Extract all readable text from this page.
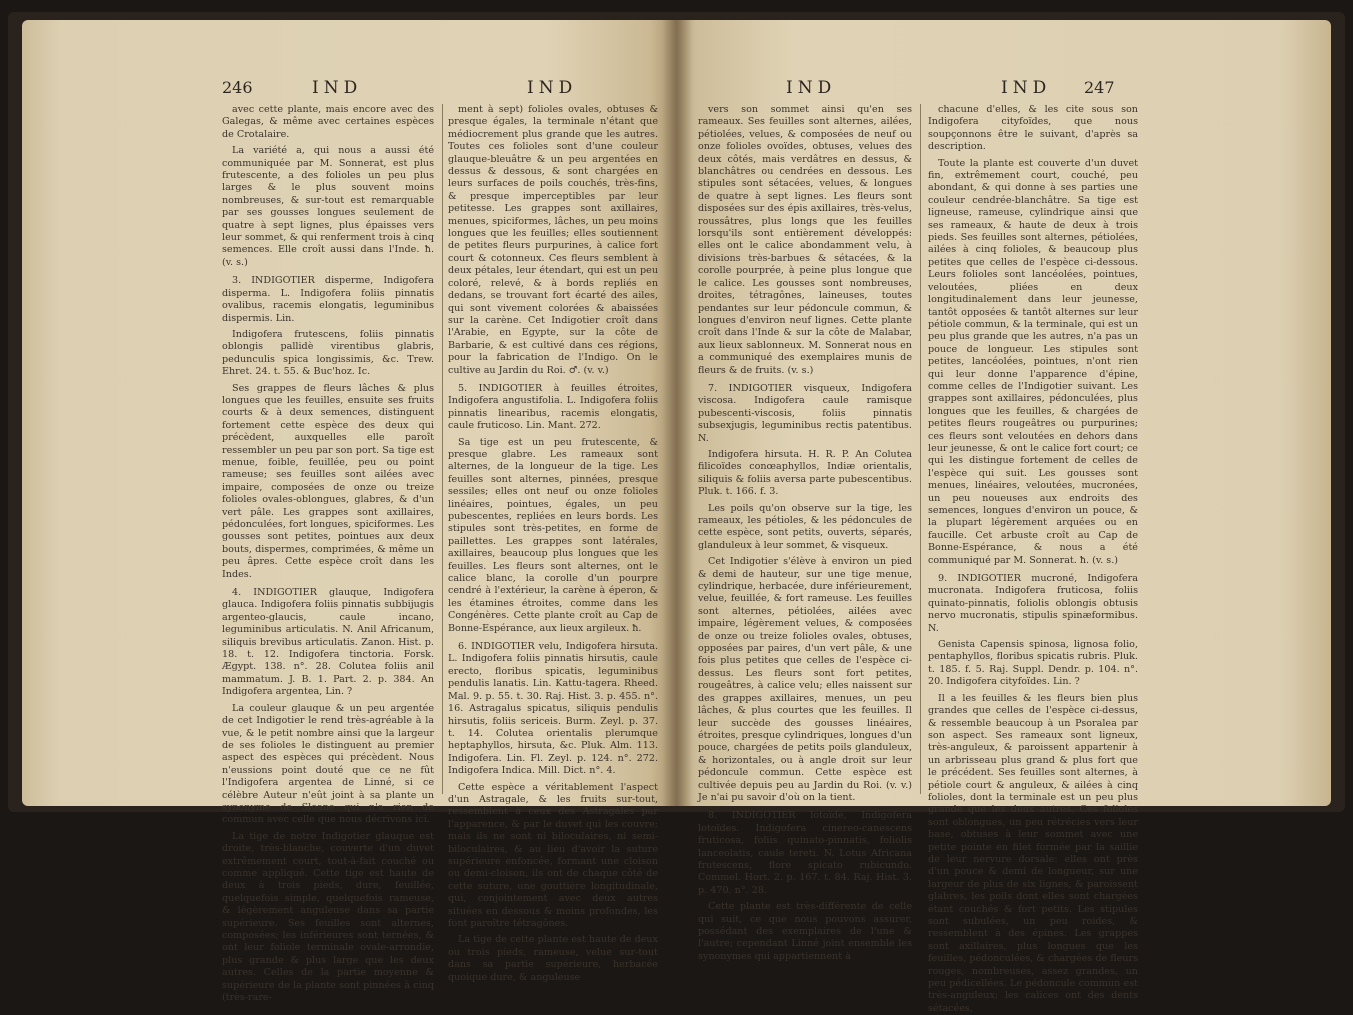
246	IND	IND

avec cette plante, mais encore avec des Galegas, & même avec certaines espèces de Crotalaire.

La variété a, qui nous a aussi été communiquée par M. Sonnerat, est plus frutescente, a des folioles un peu plus larges & le plus souvent moins nombreuses, & sur-tout est remarquable par ses gousses longues seulement de quatre à sept lignes, plus épaisses vers leur sommet, & qui renferment trois à cinq semences. Elle croît aussi dans l'Inde. ħ. (v. s.)

3. INDIGOTIER disperme, Indigofera disperma. L. Indigofera foliis pinnatis ovalibus, racemis elongatis, leguminibus dispermis. Lin.

Indigofera frutescens, foliis pinnatis oblongis pallidè virentibus glabris, pedunculis spica longissimis, &c. Trew. Ehret. 24. t. 55. & Buc'hoz. Ic.

Ses grappes de fleurs lâches & plus longues que les feuilles, ensuite ses fruits courts & à deux semences, distinguent fortement cette espèce des deux qui précèdent, auxquelles elle paroît ressembler un peu par son port. Sa tige est menue, foible, feuillée, peu ou point rameuse; ses feuilles sont ailées avec impaire, composées de onze ou treize folioles ovales-oblongues, glabres, & d'un vert pâle. Les grappes sont axillaires, pédonculées, fort longues, spiciformes. Les gousses sont petites, pointues aux deux bouts, dispermes, comprimées, & même un peu âpres. Cette espèce croît dans les Indes.

4. INDIGOTIER glauque, Indigofera glauca. Indigofera foliis pinnatis subbijugis argenteo-glaucis, caule incano, leguminibus articulatis. N. Anil Africanum, siliquis brevibus articulatis. Zanon. Hist. p. 18. t. 12. Indigofera tinctoria. Forsk. Ægypt. 138. n°. 28. Colutea foliis anil mammatum. J. B. 1. Part. 2. p. 384. An Indigofera argentea, Lin. ?

La couleur glauque & un peu argentée de cet Indigotier le rend très-agréable à la vue, & le petit nombre ainsi que la largeur de ses folioles le distinguent au premier aspect des espèces qui précèdent. Nous n'eussions point douté que ce ne fût l'Indigofera argentea de Linné, si ce célèbre Auteur n'eût joint à sa plante un synonyme de Sloane qui n'a rien de commun avec celle que nous décrivons ici.

La tige de notre Indigotier glauque est droite, très-blanche, couverte d'un duvet extrêmement court, tout-à-fait couché ou comme appliqué. Cette tige est haute de deux à trois pieds, dure, feuillée, quelquefois simple, quelquefois rameuse, & légèrement anguleuse dans sa partie supérieure. Ses feuilles sont alternes, composées; les inférieures sont ternées, & ont leur foliole terminale ovale-arrondie, plus grande & plus large que les deux autres. Celles de la partie moyenne & supérieure de la plante sont pinnées à cinq (très-rare-

ment à sept) folioles ovales, obtuses & presque égales, la terminale n'étant que médiocrement plus grande que les autres. Toutes ces folioles sont d'une couleur glauque-bleuâtre & un peu argentées en dessus & dessous, & sont chargées en leurs surfaces de poils couchés, très-fins, & presque imperceptibles par leur petitesse. Les grappes sont axillaires, menues, spiciformes, lâches, un peu moins longues que les feuilles; elles soutiennent de petites fleurs purpurines, à calice fort court & cotonneux. Ces fleurs semblent à deux pétales, leur étendart, qui est un peu coloré, relevé, & à bords repliés en dedans, se trouvant fort écarté des ailes, qui sont vivement colorées & abaissées sur la carène. Cet Indigotier croît dans l'Arabie, en Egypte, sur la côte de Barbarie, & est cultivé dans ces régions, pour la fabrication de l'Indigo. On le cultive au Jardin du Roi. ♂. (v. v.)

5. INDIGOTIER à feuilles étroites, Indigofera angustifolia. L. Indigofera foliis pinnatis linearibus, racemis elongatis, caule fruticoso. Lin. Mant. 272.

Sa tige est un peu frutescente, & presque glabre. Les rameaux sont alternes, de la longueur de la tige. Les feuilles sont alternes, pinnées, presque sessiles; elles ont neuf ou onze folioles linéaires, pointues, égales, un peu pubescentes, repliées en leurs bords. Les stipules sont très-petites, en forme de paillettes. Les grappes sont latérales, axillaires, beaucoup plus longues que les feuilles. Les fleurs sont alternes, ont le calice blanc, la corolle d'un pourpre cendré à l'extérieur, la carène à éperon, & les étamines étroites, comme dans les Congénères. Cette plante croît au Cap de Bonne-Espérance, aux lieux argileux. ħ.

6. INDIGOTIER velu, Indigofera hirsuta. L. Indigofera foliis pinnatis hirsutis, caule erecto, floribus spicatis, leguminibus pendulis lanatis. Lin. Kattu-tagera. Rheed. Mal. 9. p. 55. t. 30. Raj. Hist. 3. p. 455. n°. 16. Astragalus spicatus, siliquis pendulis hirsutis, foliis sericeis. Burm. Zeyl. p. 37. t. 14. Colutea orientalis plerumque heptaphyllos, hirsuta, &c. Pluk. Alm. 113. Indigofera. Lin. Fl. Zeyl. p. 124. n°. 272. Indigofera Indica. Mill. Dict. n°. 4.

Cette espèce a véritablement l'aspect d'un Astragale, & les fruits sur-tout, ressemblent à ceux des Astragales par l'apparence, & par le duvet qui les couvre; mais ils ne sont ni biloculaires, ni semi-biloculaires, & au lieu d'avoir la suture supérieure enfoncée, formant une cloison ou demi-cloison, ils ont de chaque côté de cette suture, une gouttière longitudinale, qui, conjointement avec deux autres situées en dessous & moins profondes, les font paroître tétragônes.

La tige de cette plante est haute de deux ou trois pieds, rameuse, velue sur-tout dans sa partie supérieure, herbacée quoique dure, & anguleuse

IND	IND 247

vers son sommet ainsi qu'en ses rameaux. Ses feuilles sont alternes, ailées, pétiolées, velues, & composées de neuf ou onze folioles ovoïdes, obtuses, velues des deux côtés, mais verdâtres en dessus, & blanchâtres ou cendrées en dessous. Les stipules sont sétacées, velues, & longues de quatre à sept lignes. Les fleurs sont disposées sur des épis axillaires, très-velus, roussâtres, plus longs que les feuilles lorsqu'ils sont entièrement développés: elles ont le calice abondamment velu, à divisions très-barbues & sétacées, & la corolle pourprée, à peine plus longue que le calice. Les gousses sont nombreuses, droites, tétragônes, laineuses, toutes pendantes sur leur pédoncule commun, & longues d'environ neuf lignes. Cette plante croît dans l'Inde & sur la côte de Malabar, aux lieux sablonneux. M. Sonnerat nous en a communiqué des exemplaires munis de fleurs & de fruits. (v. s.)

7. INDIGOTIER visqueux, Indigofera viscosa. Indigofera caule ramisque pubescenti-viscosis, foliis pinnatis subsexjugis, leguminibus rectis patentibus. N.

Indigofera hirsuta. H. R. P. An Colutea filicoïdes conœaphyllos, Indiæ orientalis, siliquis & foliis aversa parte pubescentibus. Pluk. t. 166. f. 3.

Les poils qu'on observe sur la tige, les rameaux, les pétioles, & les pédoncules de cette espèce, sont petits, ouverts, séparés, glanduleux à leur sommet, & visqueux.

Cet Indigotier s'élève à environ un pied & demi de hauteur, sur une tige menue, cylindrique, herbacée, dure inférieurement, velue, feuillée, & fort rameuse. Les feuilles sont alternes, pétiolées, ailées avec impaire, légèrement velues, & composées de onze ou treize folioles ovales, obtuses, opposées par paires, d'un vert pâle, & une fois plus petites que celles de l'espèce ci-dessus. Les fleurs sont fort petites, rougeâtres, à calice velu; elles naissent sur des grappes axillaires, menues, un peu lâches, & plus courtes que les feuilles. Il leur succède des gousses linéaires, étroites, presque cylindriques, longues d'un pouce, chargées de petits poils glanduleux, & horizontales, ou à angle droit sur leur pédoncule commun. Cette espèce est cultivée depuis peu au Jardin du Roi. (v. v.) Je n'ai pu savoir d'où on la tient.

8. INDIGOTIER lotoïde, Indigofera lotoïdes. Indigofera cinereo-canescens fruticosa, foliis quinato-pinnatis, foliolis lanceolatis, caule tereti. N. Lotus Africana frutescens, flore spicato rubicundo. Commel. Hort. 2. p. 167. t. 84. Raj. Hist. 3. p. 470. n°. 28.

Cette plante est très-différente de celle qui suit, ce que nous pouvons assurer, possédant des exemplaires de l'une & l'autre; cependant Linné joint ensemble les synonymes qui appartiennent à

chacune d'elles, & les cite sous son Indigofera cityfoïdes, que nous soupçonnons être le suivant, d'après sa description.

Toute la plante est couverte d'un duvet fin, extrêmement court, couché, peu abondant, & qui donne à ses parties une couleur cendrée-blanchâtre. Sa tige est ligneuse, rameuse, cylindrique ainsi que ses rameaux, & haute de deux à trois pieds. Ses feuilles sont alternes, pétiolées, ailées à cinq folioles, & beaucoup plus petites que celles de l'espèce ci-dessous. Leurs folioles sont lancéolées, pointues, veloutées, pliées en deux longitudinalement dans leur jeunesse, tantôt opposées & tantôt alternes sur leur pétiole commun, & la terminale, qui est un peu plus grande que les autres, n'a pas un pouce de longueur. Les stipules sont petites, lancéolées, pointues, n'ont rien qui leur donne l'apparence d'épine, comme celles de l'Indigotier suivant. Les grappes sont axillaires, pédonculées, plus longues que les feuilles, & chargées de petites fleurs rougeâtres ou purpurines; ces fleurs sont veloutées en dehors dans leur jeunesse, & ont le calice fort court; ce qui les distingue fortement de celles de l'espèce qui suit. Les gousses sont menues, linéaires, veloutées, mucronées, un peu noueuses aux endroits des semences, longues d'environ un pouce, & la plupart légèrement arquées ou en faucille. Cet arbuste croît au Cap de Bonne-Espérance, & nous a été communiqué par M. Sonnerat. ħ. (v. s.)

9. INDIGOTIER mucroné, Indigofera mucronata. Indigofera fruticosa, foliis quinato-pinnatis, foliolis oblongis obtusis nervo mucronatis, stipulis spinæformibus. N.

Genista Capensis spinosa, lignosa folio, pentaphyllos, floribus spicatis rubris. Pluk. t. 185. f. 5. Raj. Suppl. Dendr. p. 104. n°. 20. Indigofera cityfoïdes. Lin. ?

Il a les feuilles & les fleurs bien plus grandes que celles de l'espèce ci-dessus, & ressemble beaucoup à un Psoralea par son aspect. Ses rameaux sont ligneux, très-anguleux, & paroissent appartenir à un arbrisseau plus grand & plus fort que le précédent. Ses feuilles sont alternes, à pétiole court & anguleux, & ailées à cinq folioles, dont la terminale est un peu plus grande que les deux autres. Ces folioles sont oblongues, un peu rétrécies vers leur base, obtuses à leur sommet avec une petite pointe en filet formée par la saillie de leur nervure dorsale: elles ont près d'un pouce & demi de longueur, sur une largeur de plus de six lignes, & paroissent glabres, les poils dont elles sont chargées étant couchés & fort petits. Les stipules sont subulées, un peu roides, & ressemblent à des épines. Les grappes sont axillaires, plus longues que les feuilles, pédonculées, & chargées de fleurs rouges, nombreuses, assez grandes, un peu pédicellées. Le pédoncule commun est très-anguleux; les calices ont des dents sétacées,
